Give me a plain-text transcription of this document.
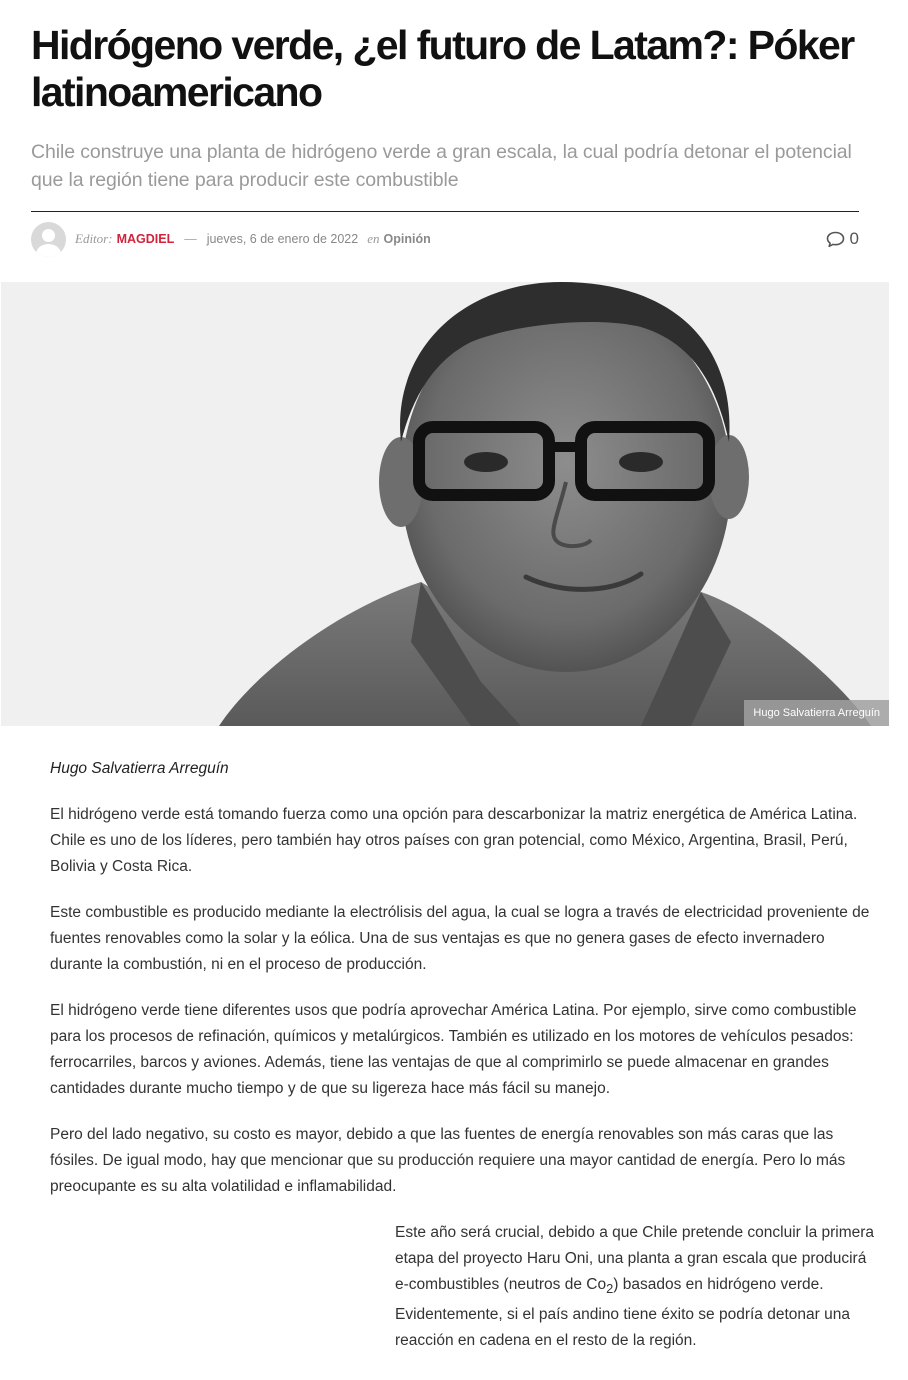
Hidrógeno verde, ¿el futuro de Latam?: Póker latinoamericano

Chile construye una planta de hidrógeno verde a gran escala, la cual podría detonar el potencial que la región tiene para producir este combustible

Editor: MAGDIEL — jueves, 6 de enero de 2022 en Opinión	0
Hugo Salvatierra Arreguín

Hugo Salvatierra Arreguín

El hidrógeno verde está tomando fuerza como una opción para descarbonizar la matriz energética de América Latina. Chile es uno de los líderes, pero también hay otros países con gran potencial, como México, Argentina, Brasil, Perú, Bolivia y Costa Rica.

Este combustible es producido mediante la electrólisis del agua, la cual se logra a través de electricidad proveniente de fuentes renovables como la solar y la eólica. Una de sus ventajas es que no genera gases de efecto invernadero durante la combustión, ni en el proceso de producción.

El hidrógeno verde tiene diferentes usos que podría aprovechar América Latina. Por ejemplo, sirve como combustible para los procesos de refinación, químicos y metalúrgicos. También es utilizado en los motores de vehículos pesados: ferrocarriles, barcos y aviones. Además, tiene las ventajas de que al comprimirlo se puede almacenar en grandes cantidades durante mucho tiempo y de que su ligereza hace más fácil su manejo.

Pero del lado negativo, su costo es mayor, debido a que las fuentes de energía renovables son más caras que las fósiles. De igual modo, hay que mencionar que su producción requiere una mayor cantidad de energía. Pero lo más preocupante es su alta volatilidad e inflamabilidad.

Este año será crucial, debido a que Chile pretende concluir la primera etapa del proyecto Haru Oni, una planta a gran escala que producirá e-combustibles (neutros de $Co_2$) basados en hidrógeno verde. Evidentemente, si el país andino tiene éxito se podría detonar una reacción en cadena en el resto de la región.
